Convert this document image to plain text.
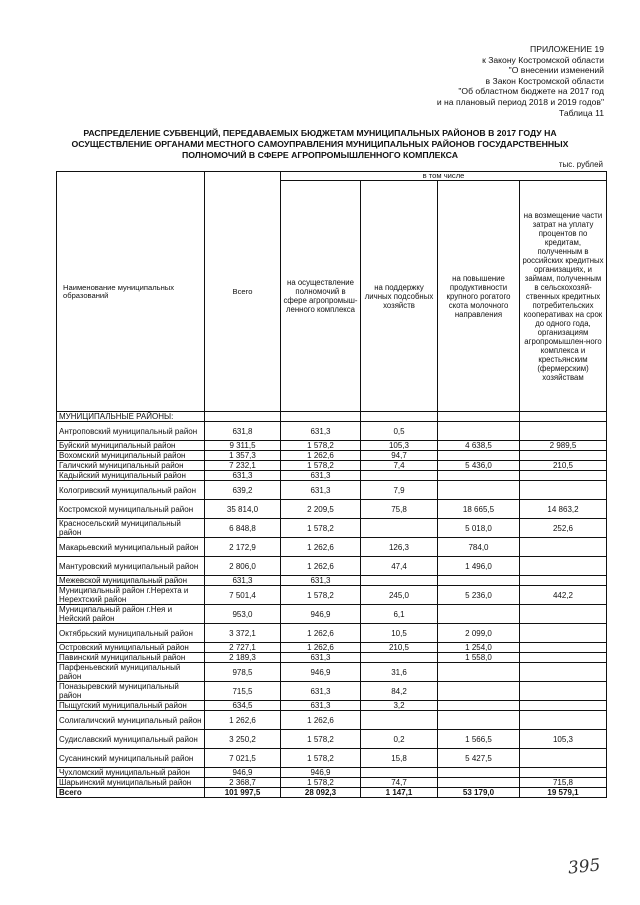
ПРИЛОЖЕНИЕ 19
к Закону Костромской области
"О внесении изменений
в Закон Костромской области
"Об областном бюджете на 2017 год
и на плановый период 2018 и 2019 годов"
Таблица 11
РАСПРЕДЕЛЕНИЕ СУБВЕНЦИЙ, ПЕРЕДАВАЕМЫХ БЮДЖЕТАМ МУНИЦИПАЛЬНЫХ РАЙОНОВ В 2017 ГОДУ НА
ОСУЩЕСТВЛЕНИЕ ОРГАНАМИ МЕСТНОГО САМОУПРАВЛЕНИЯ МУНИЦИПАЛЬНЫХ РАЙОНОВ ГОСУДАРСТВЕННЫХ
ПОЛНОМОЧИЙ В СФЕРЕ АГРОПРОМЫШЛЕННОГО КОМПЛЕКСА
тыс. рублей
Наименование муниципальных образований	Всего	в том числе			
		на осуществление полномочий в сфере агропромыш-ленного комплекса	на поддержку личных подсобных хозяйств	на повышение продуктивности крупного рогатого скота молочного направления	на возмещение части затрат на уплату процентов по кредитам, полученным в российских кредитных организациях, и займам, полученным в сельскохозяй-ственных кредитных потребительских кооперативах на срок до одного года, организациям агропромышлен-ного комплекса и крестьянским (фермерским) хозяйствам
МУНИЦИПАЛЬНЫЕ РАЙОНЫ:					
Антроповский муниципальный район	631,8	631,3	0,5		
Буйский муниципальный район	9 311,5	1 578,2	105,3	4 638,5	2 989,5
Вохомский муниципальный район	1 357,3	1 262,6	94,7		
Галичский муниципальный район	7 232,1	1 578,2	7,4	5 436,0	210,5
Кадыйский муниципальный район	631,3	631,3			
Кологривский муниципальный район	639,2	631,3	7,9		
Костромской муниципальный район	35 814,0	2 209,5	75,8	18 665,5	14 863,2
Красносельский муниципальный район	6 848,8	1 578,2		5 018,0	252,6
Макарьевский муниципальный район	2 172,9	1 262,6	126,3	784,0	
Мантуровский муниципальный район	2 806,0	1 262,6	47,4	1 496,0	
Межевской муниципальный район	631,3	631,3			
Муниципальный район г.Нерехта и Нерехтский район	7 501,4	1 578,2	245,0	5 236,0	442,2
Муниципальный район г.Нея и Нейский район	953,0	946,9	6,1		
Октябрьский муниципальный район	3 372,1	1 262,6	10,5	2 099,0	
Островский муниципальный район	2 727,1	1 262,6	210,5	1 254,0	
Павинский муниципальный район	2 189,3	631,3		1 558,0	
Парфеньевский муниципальный район	978,5	946,9	31,6		
Поназыревский муниципальный район	715,5	631,3	84,2		
Пыщугский муниципальный район	634,5	631,3	3,2		
Солигаличский муниципальный район	1 262,6	1 262,6			
Судиславский муниципальный район	3 250,2	1 578,2	0,2	1 566,5	105,3
Сусанинский муниципальный район	7 021,5	1 578,2	15,8	5 427,5	
Чухломский муниципальный район	946,9	946,9			
Шарьинский муниципальный район	2 368,7	1 578,2	74,7		715,8
Всего	101 997,5	28 092,3	1 147,1	53 179,0	19 579,1
395
